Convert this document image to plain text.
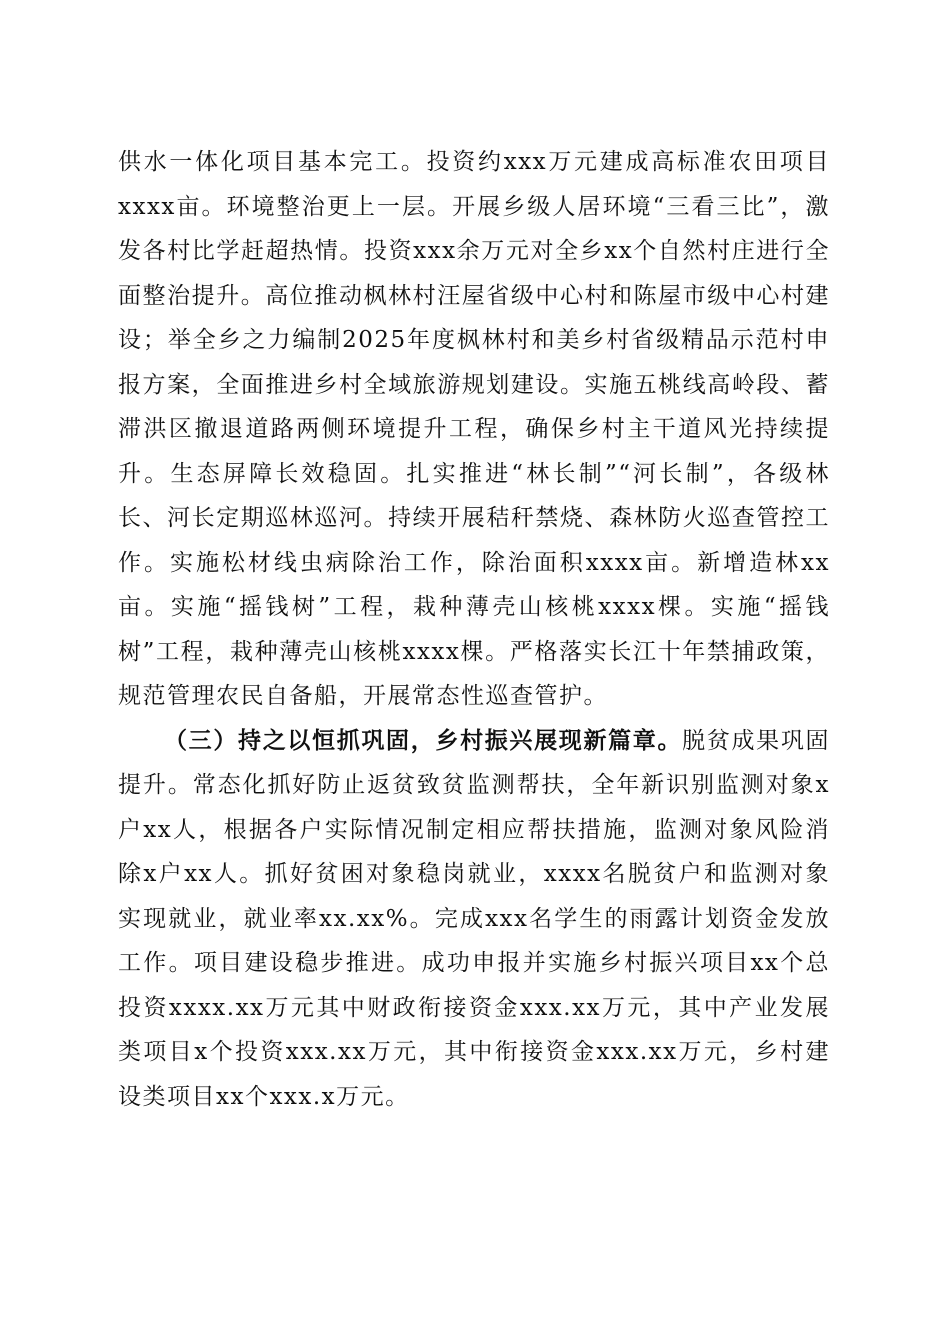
供水一体化项目基本完工。投资约xxx万元建成高标准农田项目xxxx亩。环境整治更上一层。开展乡级人居环境“三看三比”，激发各村比学赶超热情。投资xxx余万元对全乡xx个自然村庄进行全面整治提升。高位推动枫林村汪屋省级中心村和陈屋市级中心村建设；举全乡之力编制2025年度枫林村和美乡村省级精品示范村申报方案，全面推进乡村全域旅游规划建设。实施五桃线高岭段、蓄滞洪区撤退道路两侧环境提升工程，确保乡村主干道风光持续提升。生态屏障长效稳固。扎实推进“林长制”“河长制”，各级林长、河长定期巡林巡河。持续开展秸秆禁烧、森林防火巡查管控工作。实施松材线虫病除治工作，除治面积xxxx亩。新增造林xx亩。实施“摇钱树”工程，栽种薄壳山核桃xxxx棵。实施“摇钱树”工程，栽种薄壳山核桃xxxx棵。严格落实长江十年禁捕政策，规范管理农民自备船，开展常态性巡查管护。

（三）持之以恒抓巩固，乡村振兴展现新篇章。脱贫成果巩固提升。常态化抓好防止返贫致贫监测帮扶，全年新识别监测对象x户xx人，根据各户实际情况制定相应帮扶措施，监测对象风险消除x户xx人。抓好贫困对象稳岗就业，xxxx名脱贫户和监测对象实现就业，就业率xx.xx%。完成xxx名学生的雨露计划资金发放工作。项目建设稳步推进。成功申报并实施乡村振兴项目xx个总投资xxxx.xx万元其中财政衔接资金xxx.xx万元，其中产业发展类项目x个投资xxx.xx万元，其中衔接资金xxx.xx万元，乡村建设类项目xx个xxx.x万元。
